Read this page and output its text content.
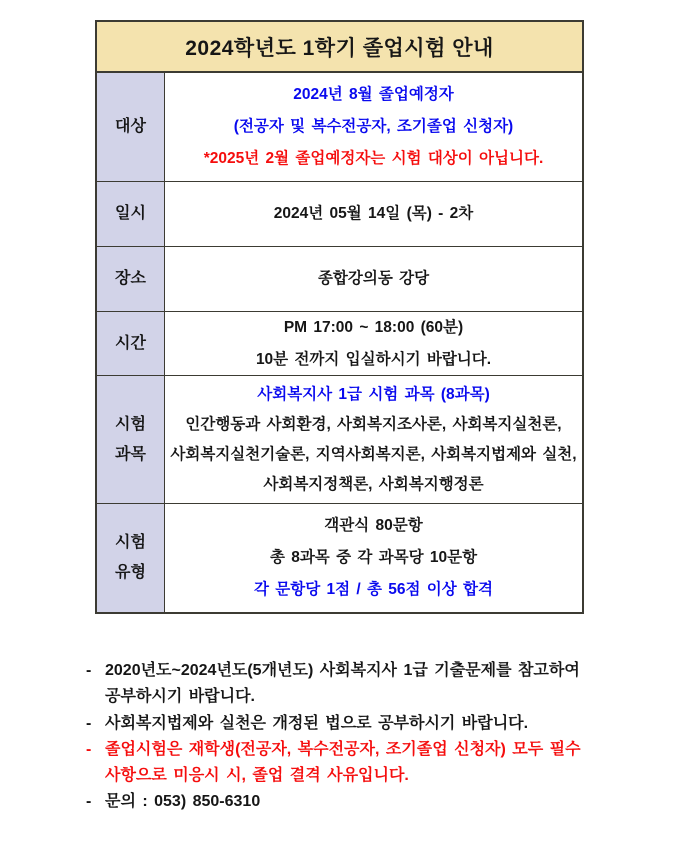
2024학년도 1학기 졸업시험 안내
대상
2024년 8월 졸업예정자
(전공자 및 복수전공자, 조기졸업 신청자)
*2025년 2월 졸업예정자는 시험 대상이 아닙니다.
일시	2024년 05월 14일 (목) - 2차
장소	종합강의동 강당
시간
PM 17:00 ~ 18:00 (60분)
10분 전까지 입실하시기 바랍니다.
시험
과목
사회복지사 1급 시험 과목 (8과목)
인간행동과 사회환경, 사회복지조사론, 사회복지실천론,
사회복지실천기술론, 지역사회복지론, 사회복지법제와 실천,
사회복지정책론, 사회복지행정론
시험
유형
객관식 80문항
총 8과목 중 각 과목당 10문항
각 문항당 1점 / 총 56점 이상 합격
- 2020년도~2024년도(5개년도) 사회복지사 1급 기출문제를 참고하여
공부하시기 바랍니다.
- 사회복지법제와 실천은 개정된 법으로 공부하시기 바랍니다.
- 졸업시험은 재학생(전공자, 복수전공자, 조기졸업 신청자) 모두 필수
사항으로 미응시 시, 졸업 결격 사유입니다.
- 문의 : 053) 850-6310
